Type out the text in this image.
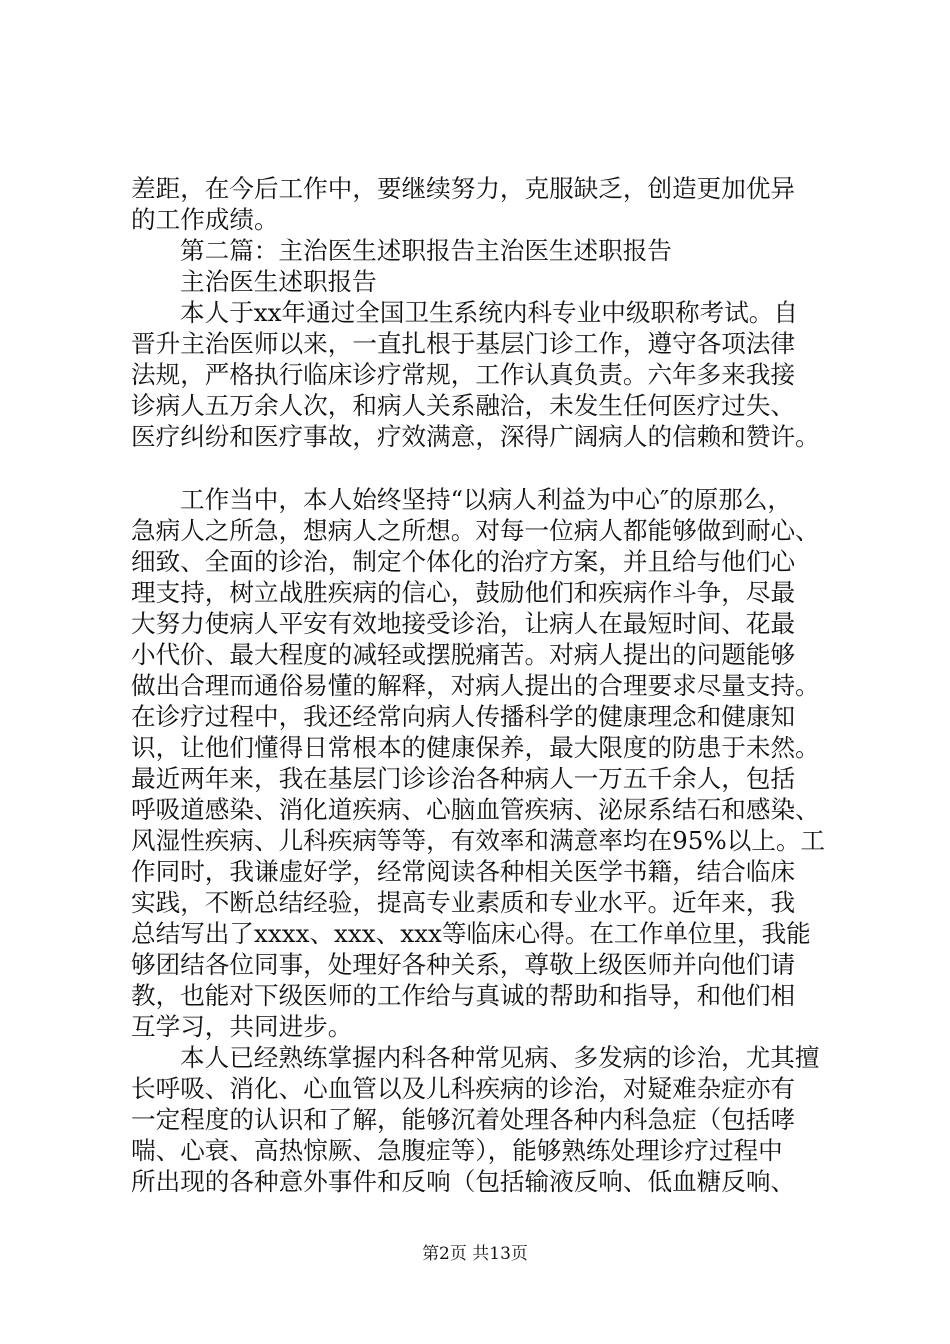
差距，在今后工作中，要继续努力，克服缺乏，创造更加优异
的工作成绩。
第二篇：主治医生述职报告主治医生述职报告
主治医生述职报告
本人于xx年通过全国卫生系统内科专业中级职称考试。自
晋升主治医师以来，一直扎根于基层门诊工作，遵守各项法律
法规，严格执行临床诊疗常规，工作认真负责。六年多来我接
诊病人五万余人次，和病人关系融洽，未发生任何医疗过失、
医疗纠纷和医疗事故，疗效满意，深得广阔病人的信赖和赞许。
工作当中，本人始终坚持“以病人利益为中心″的原那么，
急病人之所急，想病人之所想。对每一位病人都能够做到耐心、
细致、全面的诊治，制定个体化的治疗方案，并且给与他们心
理支持，树立战胜疾病的信心，鼓励他们和疾病作斗争，尽最
大努力使病人平安有效地接受诊治，让病人在最短时间、花最
小代价、最大程度的减轻或摆脱痛苦。对病人提出的问题能够
做出合理而通俗易懂的解释，对病人提出的合理要求尽量支持。
在诊疗过程中，我还经常向病人传播科学的健康理念和健康知
识，让他们懂得日常根本的健康保养，最大限度的防患于未然。
最近两年来，我在基层门诊诊治各种病人一万五千余人，包括
呼吸道感染、消化道疾病、心脑血管疾病、泌尿系结石和感染、
风湿性疾病、儿科疾病等等，有效率和满意率均在95%以上。工
作同时，我谦虚好学，经常阅读各种相关医学书籍，结合临床
实践，不断总结经验，提高专业素质和专业水平。近年来，我
总结写出了xxxx、xxx、xxx等临床心得。在工作单位里，我能
够团结各位同事，处理好各种关系，尊敬上级医师并向他们请
教，也能对下级医师的工作给与真诚的帮助和指导，和他们相
互学习，共同进步。
本人已经熟练掌握内科各种常见病、多发病的诊治，尤其擅
长呼吸、消化、心血管以及儿科疾病的诊治，对疑难杂症亦有
一定程度的认识和了解，能够沉着处理各种内科急症（包括哮
喘、心衰、高热惊厥、急腹症等），能够熟练处理诊疗过程中
所出现的各种意外事件和反响（包括输液反响、低血糖反响、
第2页 共13页
